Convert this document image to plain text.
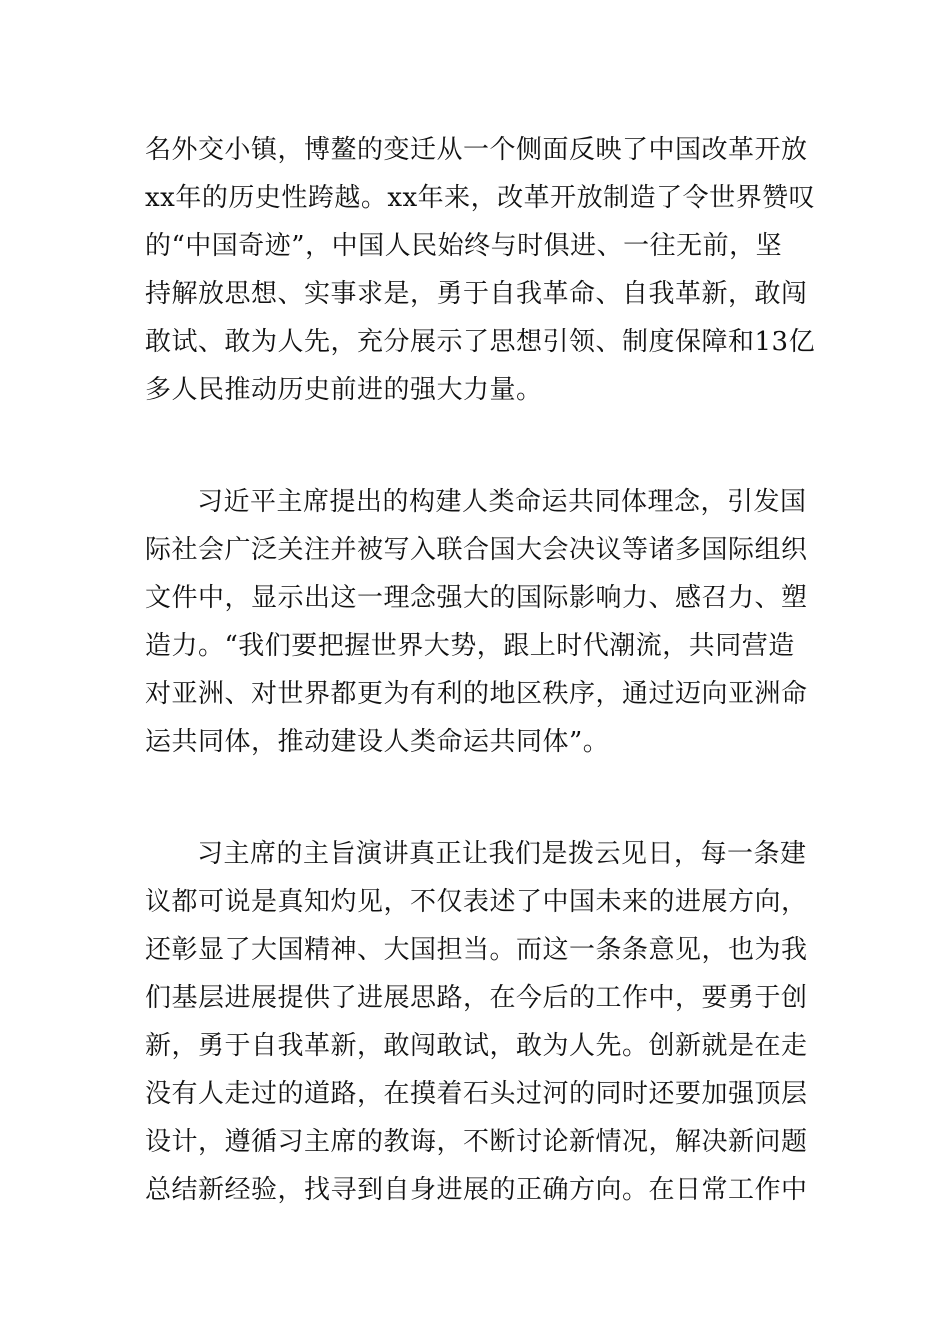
名外交小镇，博鳌的变迁从一个侧面反映了中国改革开放
xx年的历史性跨越。xx年来，改革开放制造了令世界赞叹
的“中国奇迹”，中国人民始终与时俱进、一往无前，坚
持解放思想、实事求是，勇于自我革命、自我革新，敢闯
敢试、敢为人先，充分展示了思想引领、制度保障和13亿
多人民推动历史前进的强大力量。

习近平主席提出的构建人类命运共同体理念，引发国
际社会广泛关注并被写入联合国大会决议等诸多国际组织
文件中，显示出这一理念强大的国际影响力、感召力、塑
造力。“我们要把握世界大势，跟上时代潮流，共同营造
对亚洲、对世界都更为有利的地区秩序，通过迈向亚洲命
运共同体，推动建设人类命运共同体”。

习主席的主旨演讲真正让我们是拨云见日，每一条建
议都可说是真知灼见，不仅表述了中国未来的进展方向，
还彰显了大国精神、大国担当。而这一条条意见，也为我
们基层进展提供了进展思路，在今后的工作中，要勇于创
新，勇于自我革新，敢闯敢试，敢为人先。创新就是在走
没有人走过的道路，在摸着石头过河的同时还要加强顶层
设计，遵循习主席的教诲，不断讨论新情况，解决新问题
总结新经验，找寻到自身进展的正确方向。在日常工作中
